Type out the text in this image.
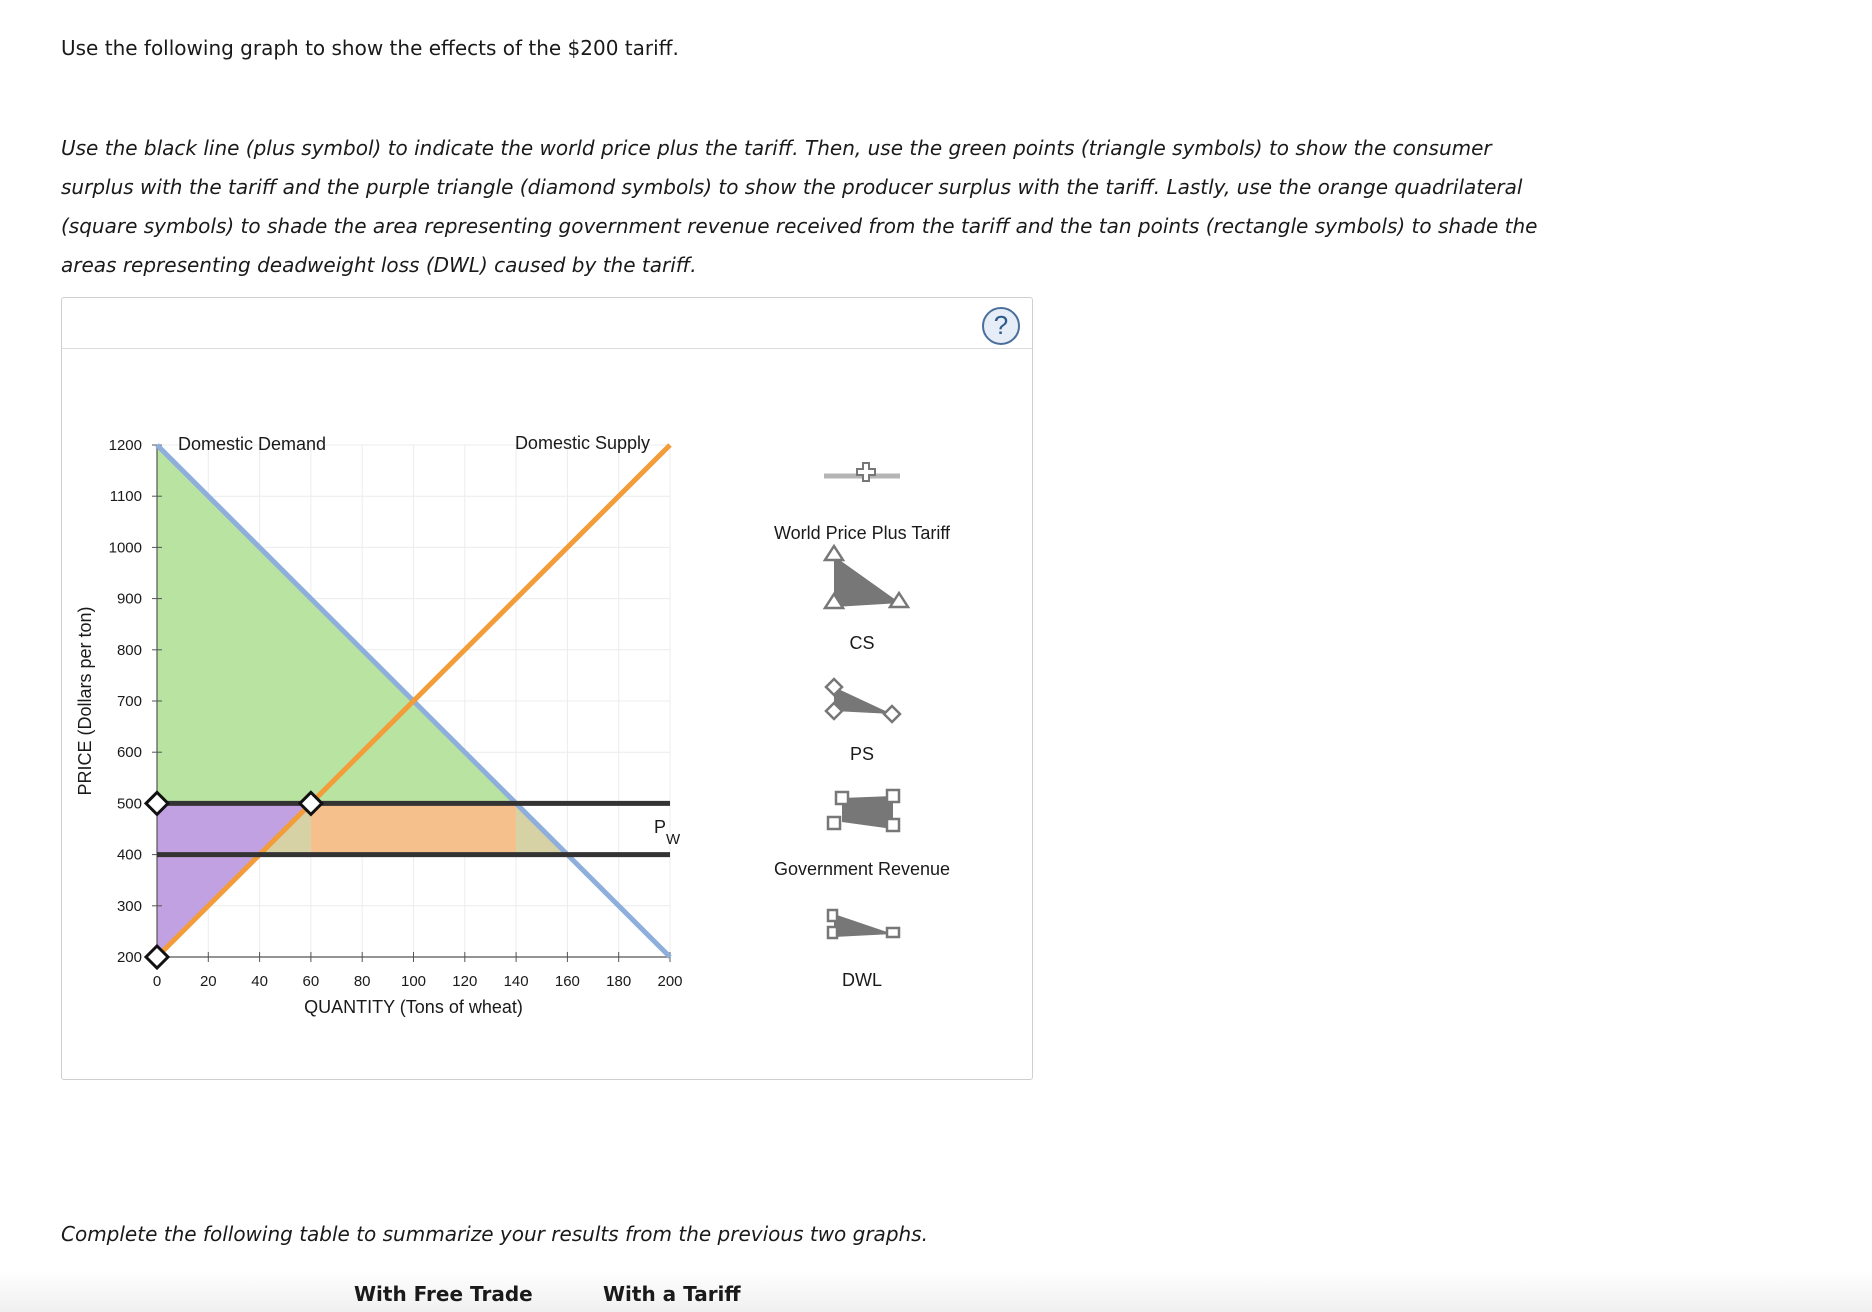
Use the following graph to show the effects of the $200 tariff.

Use the black line (plus symbol) to indicate the world price plus the tariff. Then, use the green points (triangle symbols) to show the consumer surplus with the tariff and the purple triangle (diamond symbols) to show the producer surplus with the tariff. Lastly, use the orange quadrilateral (square symbols) to shade the area representing government revenue received from the tariff and the tan points (rectangle symbols) to shade the areas representing deadweight loss (DWL) caused by the tariff.

?
200
300
400
500
600
700
800
900
1000
1100
1200
0	20 40 60 80 100 120 140 160 180 200
QUANTITY (Tons of wheat)
PRICE (Dollars per ton)
Domestic Demand	Domestic Supply
P
W
World Price Plus Tariff
CS
PS
Government Revenue
DWL

Complete the following table to summarize your results from the previous two graphs.

With Free Trade	With a Tariff
